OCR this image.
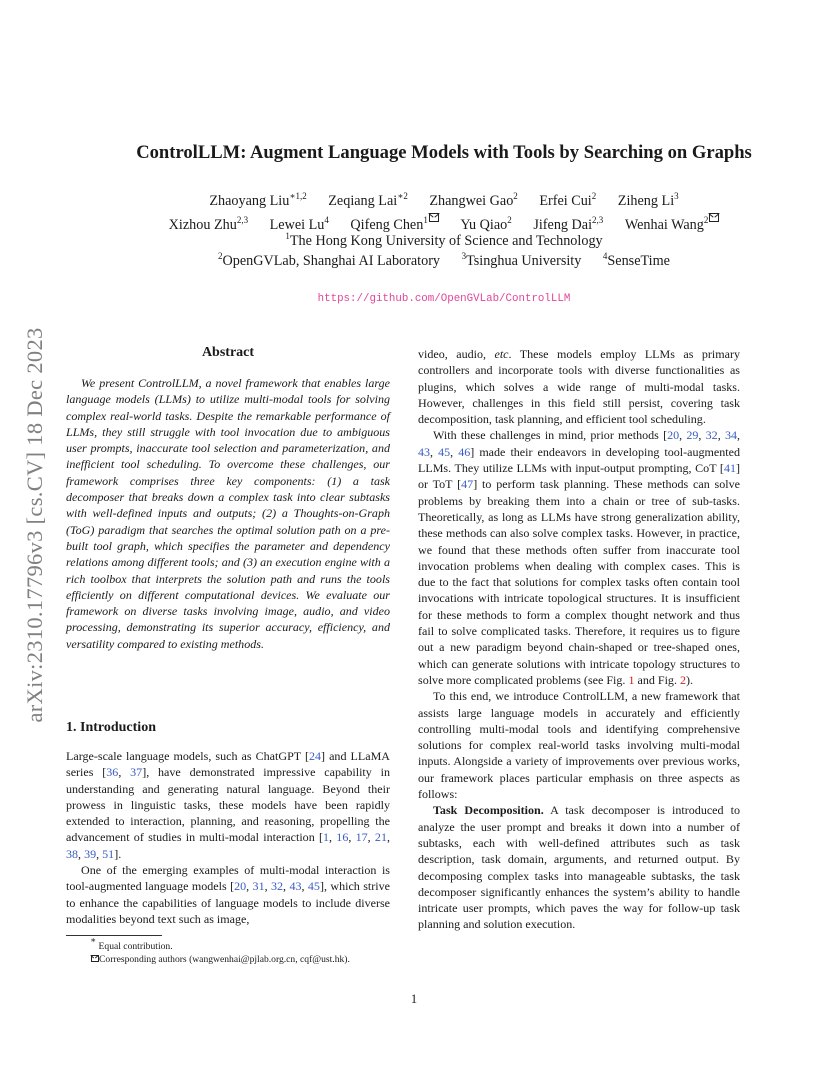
arXiv:2310.17796v3 [cs.CV] 18 Dec 2023
ControlLLM: Augment Language Models with Tools by Searching on Graphs
Zhaoyang Liu$^{∗1,2}$ Zeqiang Lai$^{∗2}$ Zhangwei Gao$^2$ Erfei Cui$^2$ Ziheng Li$^3$
Xizhou Zhu$^{2,3}$ Lewei Lu$^4$ Qifeng Chen$^1$ Yu Qiao$^2$ Jifeng Dai$^{2,3}$ Wenhai Wang$^2$
$^1$The Hong Kong University of Science and Technology
$^2$OpenGVLab, Shanghai AI Laboratory $^3$Tsinghua University $^4$SenseTime
https://github.com/OpenGVLab/ControlLLM
Abstract

We present ControlLLM, a novel framework that enables large language models (LLMs) to utilize multi-modal tools for solving complex real-world tasks. Despite the remarkable performance of LLMs, they still struggle with tool invocation due to ambiguous user prompts, inaccurate tool selection and parameterization, and inefficient tool scheduling. To overcome these challenges, our framework comprises three key components: (1) a task decomposer that breaks down a complex task into clear subtasks with well-defined inputs and outputs; (2) a Thoughts-on-Graph (ToG) paradigm that searches the optimal solution path on a pre-built tool graph, which specifies the parameter and dependency relations among different tools; and (3) an execution engine with a rich toolbox that interprets the solution path and runs the tools efficiently on different computational devices. We evaluate our framework on diverse tasks involving image, audio, and video processing, demonstrating its superior accuracy, efficiency, and versatility compared to existing methods.

1. Introduction

Large-scale language models, such as ChatGPT [24] and LLaMA series [36, 37], have demonstrated impressive capability in understanding and generating natural language. Beyond their prowess in linguistic tasks, these models have been rapidly extended to interaction, planning, and reasoning, propelling the advancement of studies in multi-modal interaction [1, 16, 17, 21, 38, 39, 51].

One of the emerging examples of multi-modal interaction is tool-augmented language models [20, 31, 32, 43, 45], which strive to enhance the capabilities of language models to include diverse modalities beyond text such as image,

video, audio, etc. These models employ LLMs as primary controllers and incorporate tools with diverse functionalities as plugins, which solves a wide range of multi-modal tasks. However, challenges in this field still persist, covering task decomposition, task planning, and efficient tool scheduling.

With these challenges in mind, prior methods [20, 29, 32, 34, 43, 45, 46] made their endeavors in developing tool-augmented LLMs. They utilize LLMs with input-output prompting, CoT [41] or ToT [47] to perform task planning. These methods can solve problems by breaking them into a chain or tree of sub-tasks. Theoretically, as long as LLMs have strong generalization ability, these methods can also solve complex tasks. However, in practice, we found that these methods often suffer from inaccurate tool invocation problems when dealing with complex cases. This is due to the fact that solutions for complex tasks often contain tool invocations with intricate topological structures. It is insufficient for these methods to form a complex thought network and thus fail to solve complicated tasks. Therefore, it requires us to figure out a new paradigm beyond chain-shaped or tree-shaped ones, which can generate solutions with intricate topology structures to solve more complicated problems (see Fig. 1 and Fig. 2).

To this end, we introduce ControlLLM, a new framework that assists large language models in accurately and efficiently controlling multi-modal tools and identifying comprehensive solutions for complex real-world tasks involving multi-modal inputs. Alongside a variety of improvements over previous works, our framework places particular emphasis on three aspects as follows:

Task Decomposition. A task decomposer is introduced to analyze the user prompt and breaks it down into a number of subtasks, each with well-defined attributes such as task description, task domain, arguments, and returned output. By decomposing complex tasks into manageable subtasks, the task decomposer significantly enhances the system’s ability to handle intricate user prompts, which paves the way for follow-up task planning and solution execution.

∗ Equal contribution.
Corresponding authors (wangwenhai@pjlab.org.cn, cqf@ust.hk).
1
